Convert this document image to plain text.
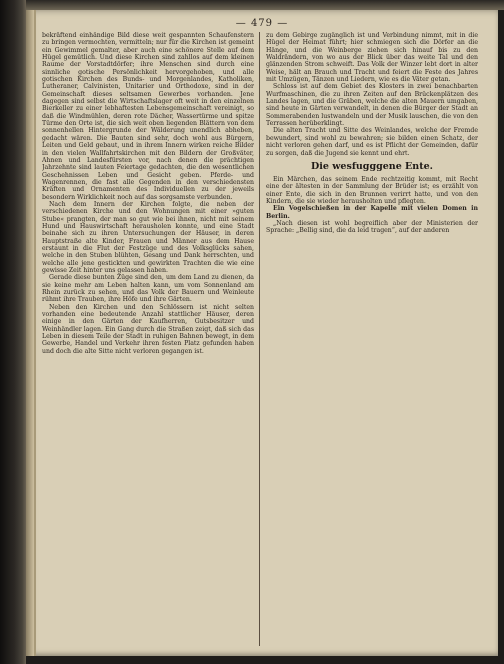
— 479 —

bekräftend einhändige Bild diese weit gespannten Schaufenstern zu bringen vermochten, vermitteln; nur für die Kirchen ist gemeint ein Gewimmel gemalter, aber auch eine schönere Stelle auf dem Hügel gemütlich. Und diese Kirchen sind zahllos auf dem kleinen Raume der Vorstadtdörfer; ihre Menschen sind durch eine sinnliche gotische Persönlichkeit hervorgehoben, und alle gotischen Kirchen des Bunds- und Morgenlandes, Katholiken, Lutheraner, Calvinisten, Unitarier und Orthodoxe, sind in der Gemeinschaft dieses seltsamen Gewerbes vorhanden. Jene dagegen sind selbst die Wirtschaftslager oft weit in den einzelnen Bierkeller zu einer lebhaftesten Lebensgemeinschaft vereinigt, so daß die Windmühlen, deren rote Dächer, Wassertürme und spitze Türme den Orte ist, die sich weit oben liegenden Blättern von dem sonnenhellen Hintergrunde der Wälderung unendlich abheben, gedacht wären. Die Bauten sind sehr, doch wohl aus Bürgern, Leiten und Geld gebaut, und in ihrem Innern wirken reiche Bilder in den vielen Wallfahrtskirchen mit den Bildern der Großväter, Ahnen und Landesfürsten vor, nach denen die prächtigen Jahrzehnte sind lauten Feiertage gedachten, die den wesentlichen Geschehnissen Leben und Gesicht geben. Pferde- und Wagenrennen, die fast alle Gegenden in den verschiedensten Kräften und Ornamenten des Individuellen zu der jeweils besondern Wirklichkeit noch auf das sorgsamste verbunden.

Nach dem Innern der Kirchen folgte, die neben der verschiedenen Kirche und den Wohnungen mit einer »guten Stube« prangten, der man so gut wie bei ihnen, nicht mit seinem Hund und Hauswirtschaft herausholen konnte, und eine Stadt beinahe sich zu ihren Untersuchungen der Häuser, in deren Hauptstraße alte Kinder, Frauen und Männer aus dem Hause erstaunt in die Flut der Festzüge und des Volksglücks sahen, welche in den Stuben blühten, Gesang und Dank herrschten, und welche alle jene gestickten und gewirkten Trachten die wie eine gewisse Zeit hinter uns gelassen haben.

Gerade diese bunten Züge sind den, um dem Land zu dienen, da sie keine mehr am Leben halten kann, um vom Sonnenland am Rhein zurück zu sehen, und das Volk der Bauern und Weinleute rühmt ihre Trauben, ihre Höfe und ihre Gärten.

Neben den Kirchen und den Schlössern ist nicht selten vorhanden eine bedeutende Anzahl stattlicher Häuser, deren einige in den Gärten der Kaufherren, Gutsbesitzer und Weinhändler lagen. Ein Gang durch die Straßen zeigt, daß sich das Leben in diesem Teile der Stadt in ruhigen Bahnen bewegt, in dem Gewerbe, Handel und Verkehr ihren festen Platz gefunden haben und doch die alte Sitte nicht verloren gegangen ist.

zu dem Gebirge zugänglich ist und Verbindung nimmt, mit in die Hügel der Heimat führt; hier schmiegen sich die Dörfer an die Hänge, und die Weinberge ziehen sich hinauf bis zu den Waldrändern, von wo aus der Blick über das weite Tal und den glänzenden Strom schweift. Das Volk der Winzer lebt dort in alter Weise, hält an Brauch und Tracht und feiert die Feste des Jahres mit Umzügen, Tänzen und Liedern, wie es die Väter getan.

Schloss ist auf dem Gebiet des Klosters in zwei benachbarten Wurfmaschinen, die zu ihren Zeiten auf den Brückenplätzen des Landes lagen, und die Gräben, welche die alten Mauern umgaben, sind heute in Gärten verwandelt, in denen die Bürger der Stadt an Sommerabenden lustwandeln und der Musik lauschen, die von den Terrassen herüberklingt.

Die alten Tracht und Sitte des Weinlandes, welche der Fremde bewundert, sind wohl zu bewahren; sie bilden einen Schatz, der nicht verloren gehen darf, und es ist Pflicht der Gemeinden, dafür zu sorgen, daß die Jugend sie kennt und ehrt.

Die wesfugggene Ente.

Ein Märchen, das seinem Ende rechtzeitig kommt, mit Recht eine der ältesten in der Sammlung der Brüder ist; es erzählt von einer Ente, die sich in den Brunnen verirrt hatte, und von den Kindern, die sie wieder herausholten und pflegten.

Ein Vogelschießen in der Kapelle mit vielen Domen in Berlin.

„Nach diesen ist wohl begreiflich aber der Ministerien der Sprache: „Bellig sind, die da leid tragen“, auf der anderen
